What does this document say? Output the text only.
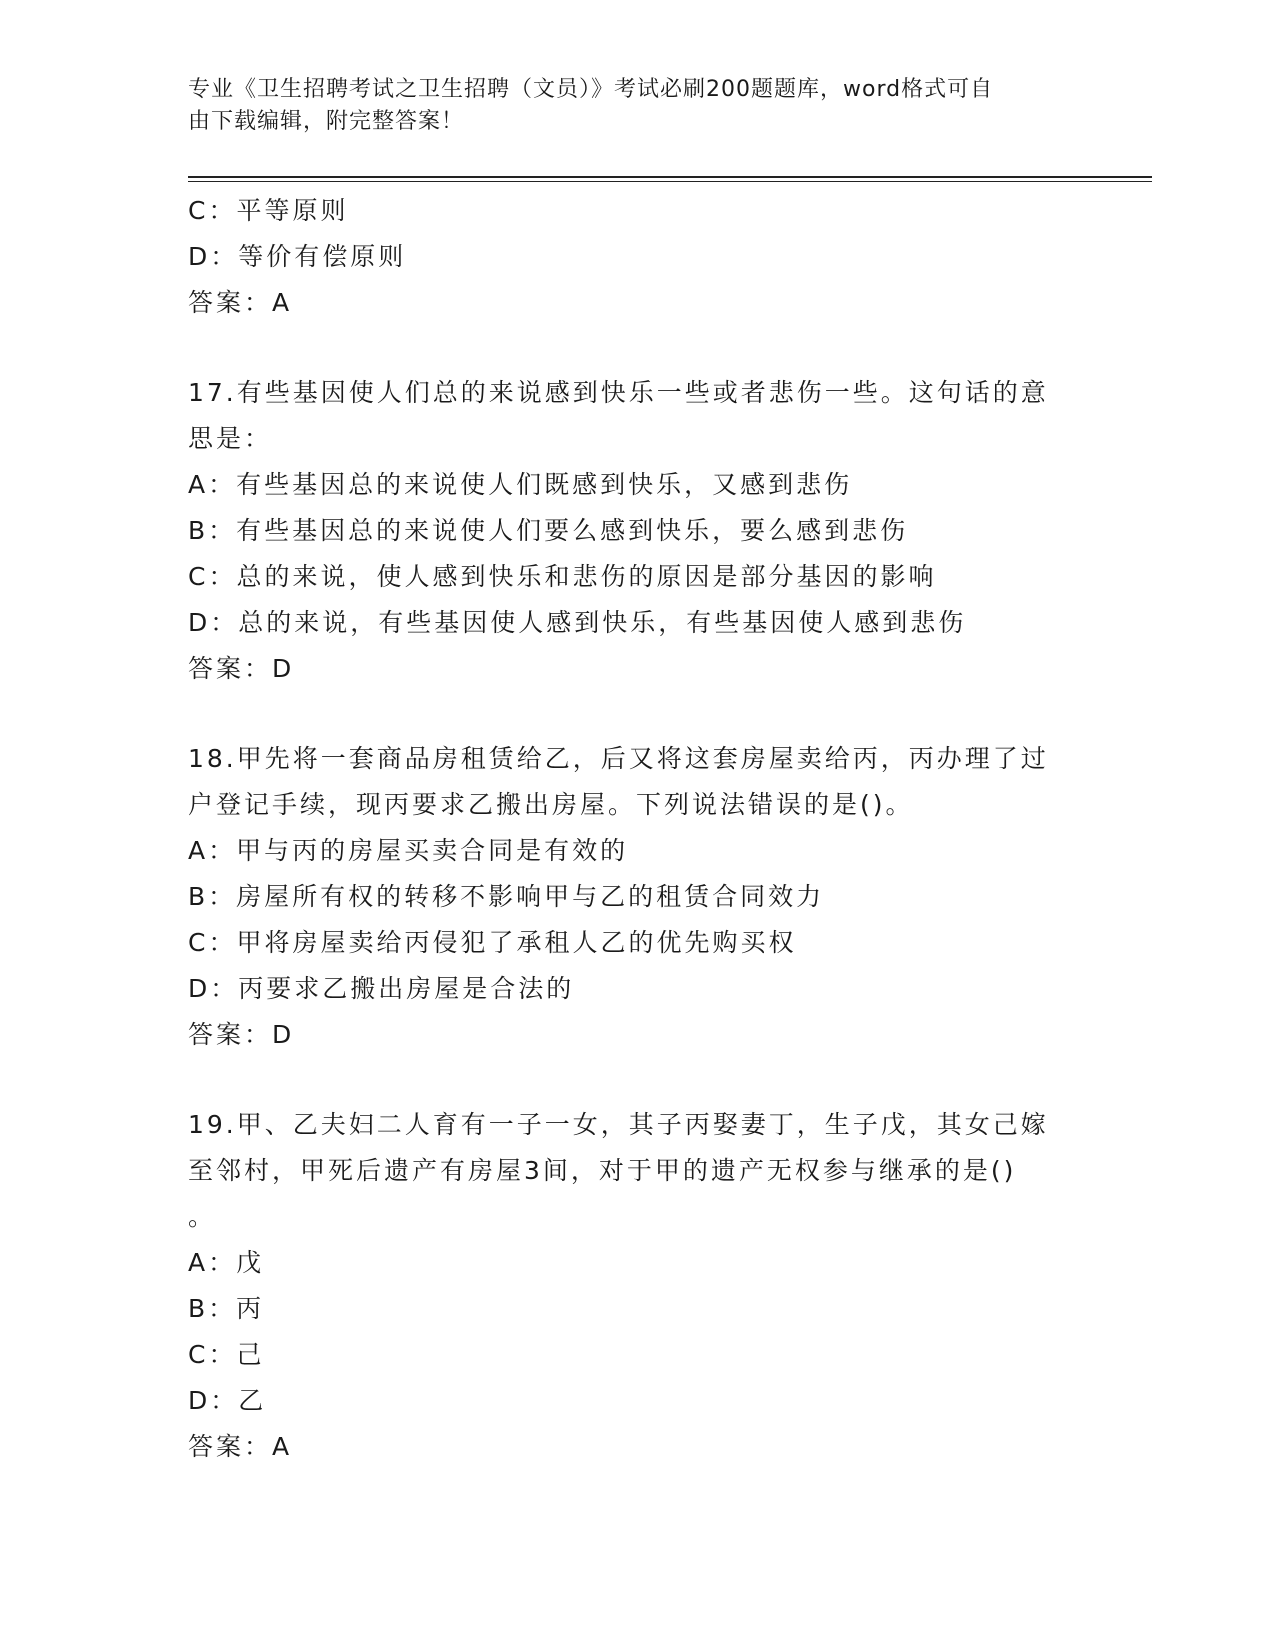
专业《卫生招聘考试之卫生招聘（文员）》考试必刷200题题库，word格式可自
由下载编辑，附完整答案！
C：平等原则
D：等价有偿原则
答案：A
17.有些基因使人们总的来说感到快乐一些或者悲伤一些。这句话的意
思是：
A：有些基因总的来说使人们既感到快乐，又感到悲伤
B：有些基因总的来说使人们要么感到快乐，要么感到悲伤
C：总的来说，使人感到快乐和悲伤的原因是部分基因的影响
D：总的来说，有些基因使人感到快乐，有些基因使人感到悲伤
答案：D
18.甲先将一套商品房租赁给乙，后又将这套房屋卖给丙，丙办理了过
户登记手续，现丙要求乙搬出房屋。下列说法错误的是()。
A：甲与丙的房屋买卖合同是有效的
B：房屋所有权的转移不影响甲与乙的租赁合同效力
C：甲将房屋卖给丙侵犯了承租人乙的优先购买权
D：丙要求乙搬出房屋是合法的
答案：D
19.甲、乙夫妇二人育有一子一女，其子丙娶妻丁，生子戊，其女己嫁
至邻村，甲死后遗产有房屋3间，对于甲的遗产无权参与继承的是()
。
A：戊
B：丙
C：己
D：乙
答案：A
